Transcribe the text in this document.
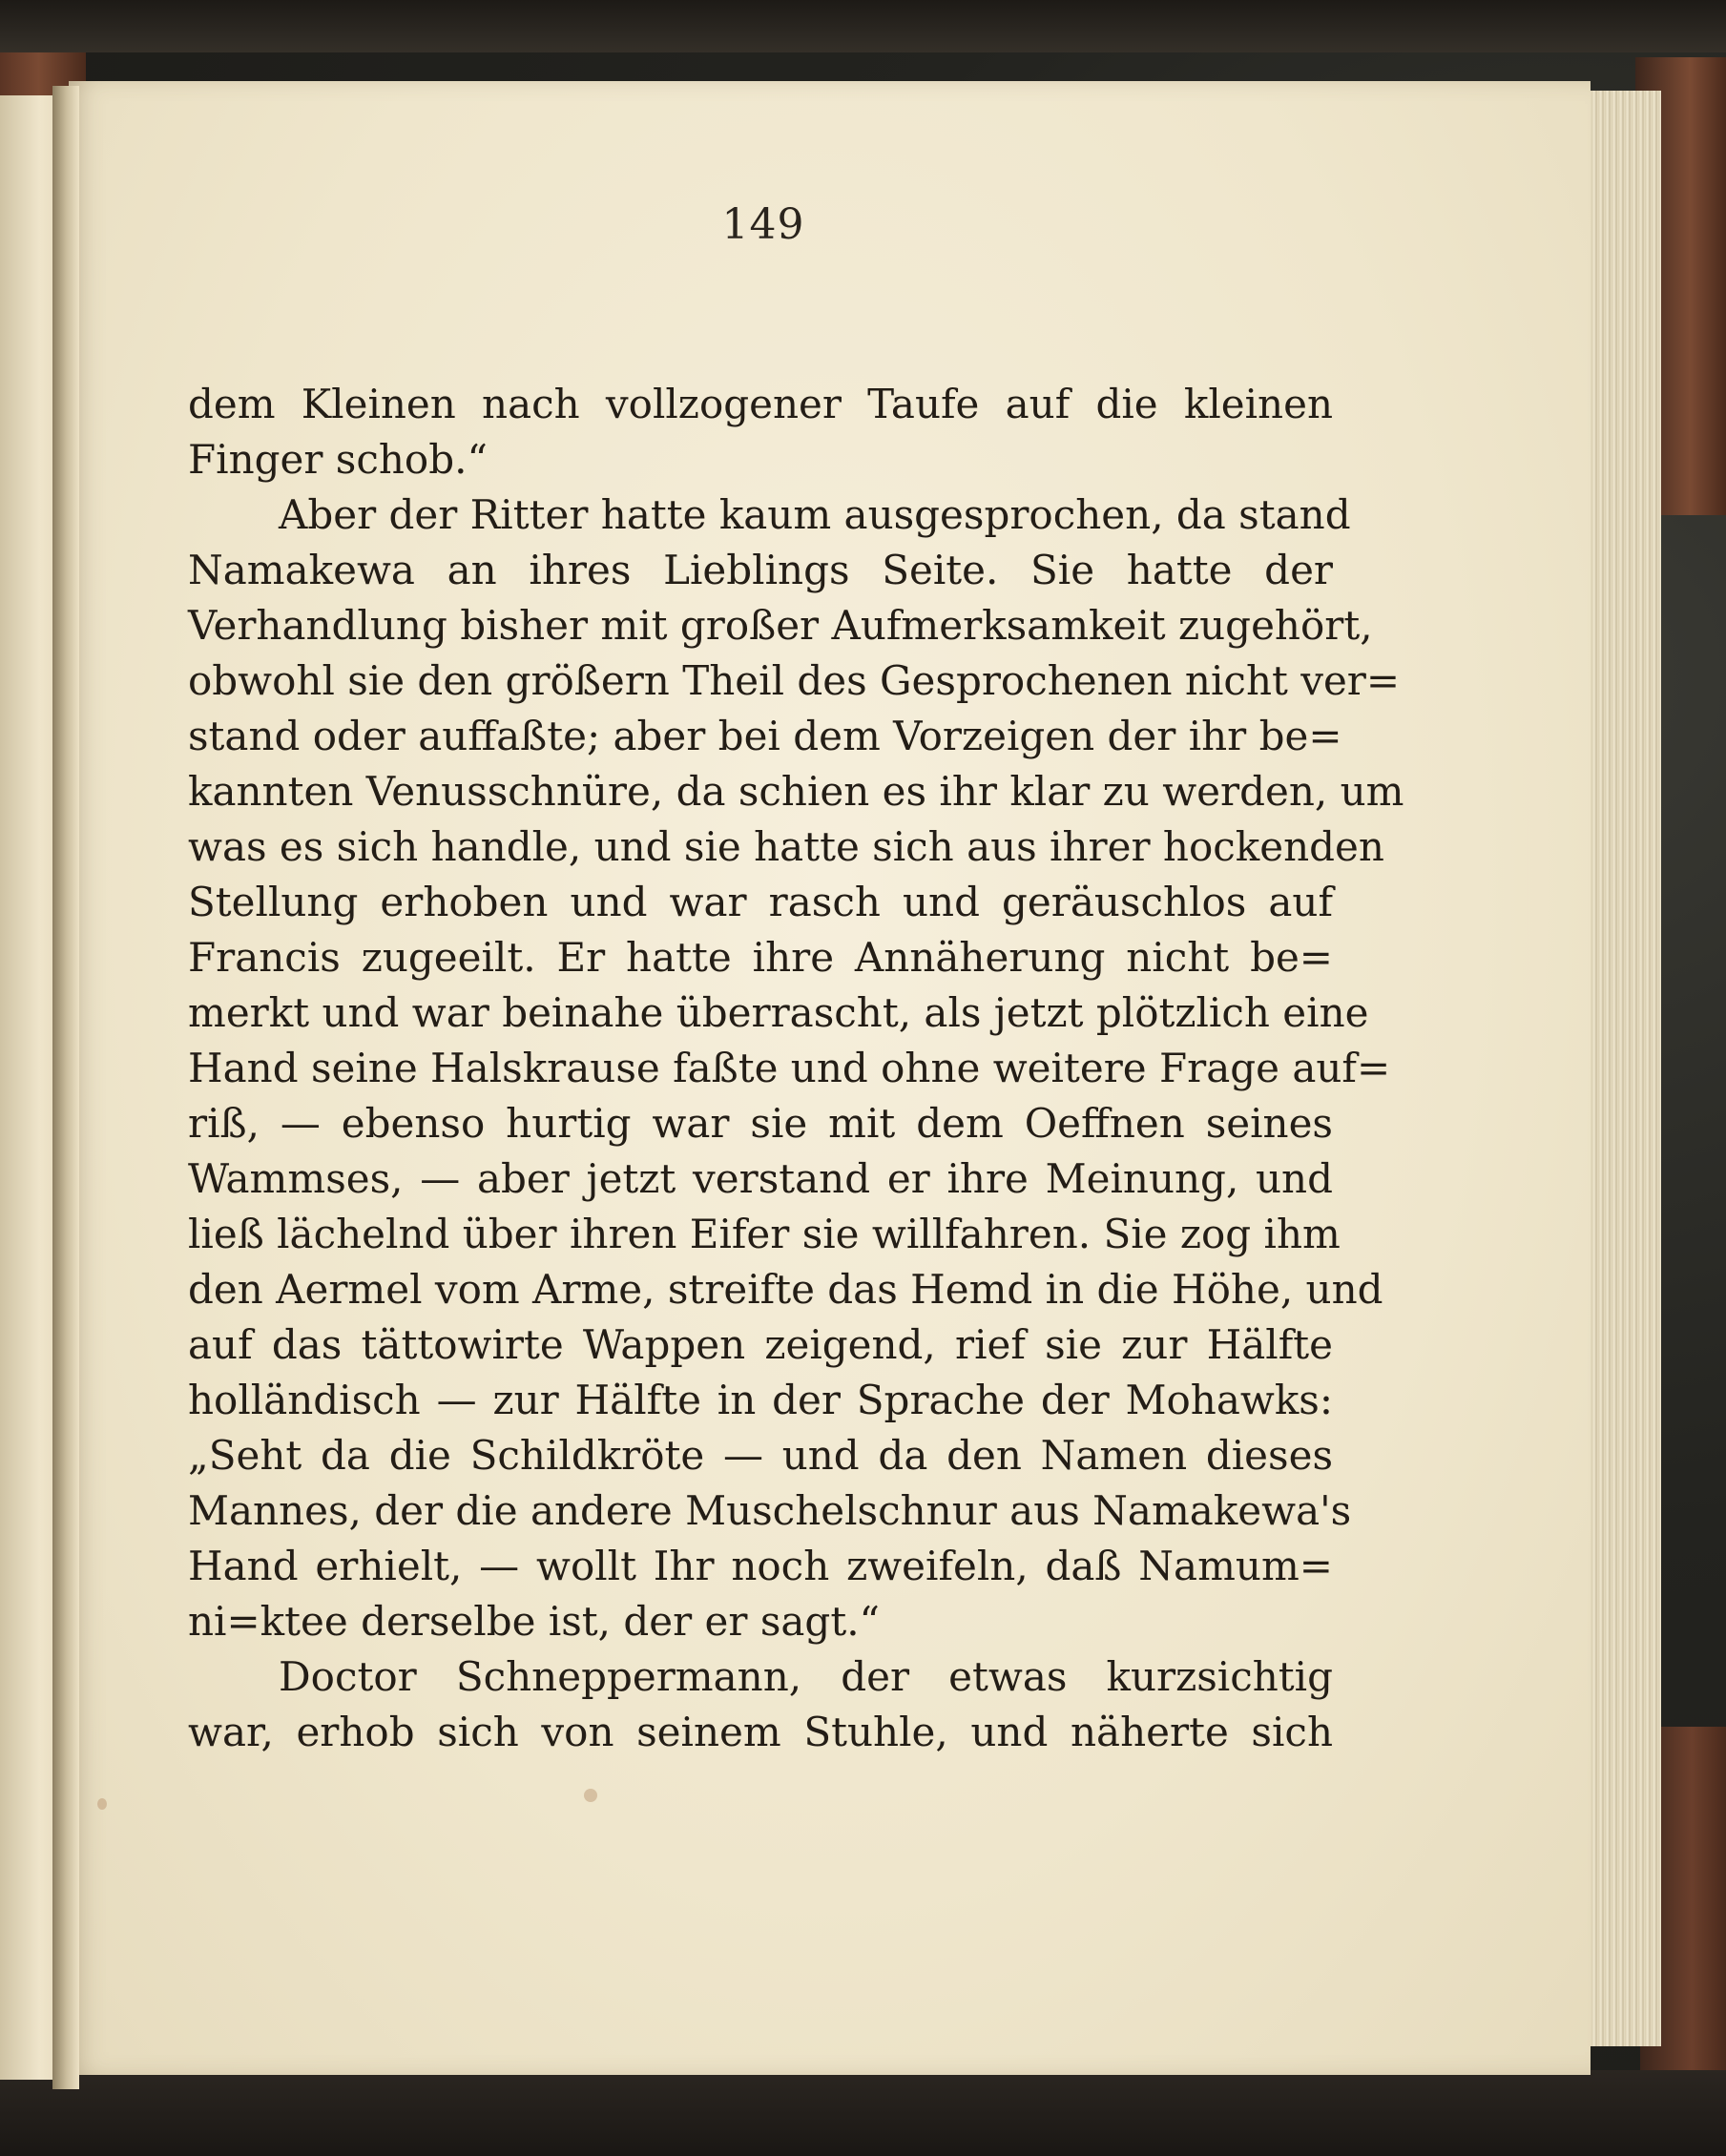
149
dem Kleinen nach vollzogener Taufe auf die kleinen
Finger schob.“
Aber der Ritter hatte kaum ausgesprochen, da stand
Namakewa an ihres Lieblings Seite. Sie hatte der
Verhandlung bisher mit großer Aufmerksamkeit zugehört,
obwohl sie den größern Theil des Gesprochenen nicht ver=
stand oder auffaßte; aber bei dem Vorzeigen der ihr be=
kannten Venusschnüre, da schien es ihr klar zu werden, um
was es sich handle, und sie hatte sich aus ihrer hockenden
Stellung erhoben und war rasch und geräuschlos auf
Francis zugeeilt. Er hatte ihre Annäherung nicht be=
merkt und war beinahe überrascht, als jetzt plötzlich eine
Hand seine Halskrause faßte und ohne weitere Frage auf=
riß, — ebenso hurtig war sie mit dem Oeffnen seines
Wammses, — aber jetzt verstand er ihre Meinung, und
ließ lächelnd über ihren Eifer sie willfahren. Sie zog ihm
den Aermel vom Arme, streifte das Hemd in die Höhe, und
auf das tättowirte Wappen zeigend, rief sie zur Hälfte
holländisch — zur Hälfte in der Sprache der Mohawks:
„Seht da die Schildkröte — und da den Namen dieses
Mannes, der die andere Muschelschnur aus Namakewa's
Hand erhielt, — wollt Ihr noch zweifeln, daß Namum=
ni=ktee derselbe ist, der er sagt.“
Doctor Schneppermann, der etwas kurzsichtig
war, erhob sich von seinem Stuhle, und näherte sich
